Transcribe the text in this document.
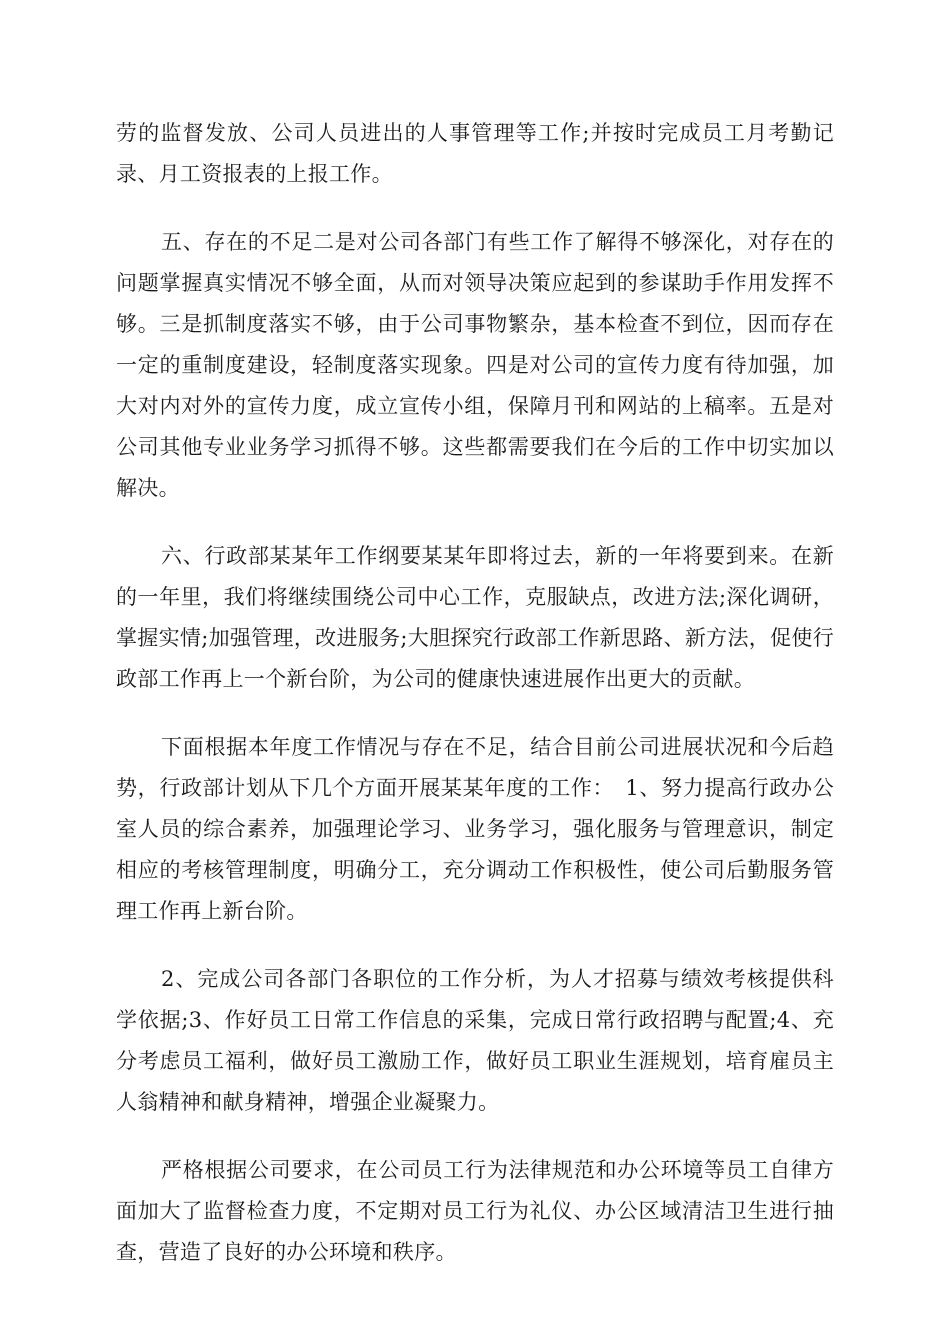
劳的监督发放、公司人员进出的人事管理等工作;并按时完成员工月考勤记录、月工资报表的上报工作。

五、存在的不足二是对公司各部门有些工作了解得不够深化，对存在的问题掌握真实情况不够全面，从而对领导决策应起到的参谋助手作用发挥不够。三是抓制度落实不够，由于公司事物繁杂，基本检查不到位，因而存在一定的重制度建设，轻制度落实现象。四是对公司的宣传力度有待加强，加大对内对外的宣传力度，成立宣传小组，保障月刊和网站的上稿率。五是对公司其他专业业务学习抓得不够。这些都需要我们在今后的工作中切实加以解决。

六、行政部某某年工作纲要某某年即将过去，新的一年将要到来。在新的一年里，我们将继续围绕公司中心工作，克服缺点，改进方法;深化调研，掌握实情;加强管理，改进服务;大胆探究行政部工作新思路、新方法，促使行政部工作再上一个新台阶，为公司的健康快速进展作出更大的贡献。

下面根据本年度工作情况与存在不足，结合目前公司进展状况和今后趋势，行政部计划从下几个方面开展某某年度的工作：　1、努力提高行政办公室人员的综合素养，加强理论学习、业务学习，强化服务与管理意识，制定相应的考核管理制度，明确分工，充分调动工作积极性，使公司后勤服务管理工作再上新台阶。

2、完成公司各部门各职位的工作分析，为人才招募与绩效考核提供科学依据;3、作好员工日常工作信息的采集，完成日常行政招聘与配置;4、充分考虑员工福利，做好员工激励工作，做好员工职业生涯规划，培育雇员主人翁精神和献身精神，增强企业凝聚力。

严格根据公司要求，在公司员工行为法律规范和办公环境等员工自律方面加大了监督检查力度，不定期对员工行为礼仪、办公区域清洁卫生进行抽查，营造了良好的办公环境和秩序。
